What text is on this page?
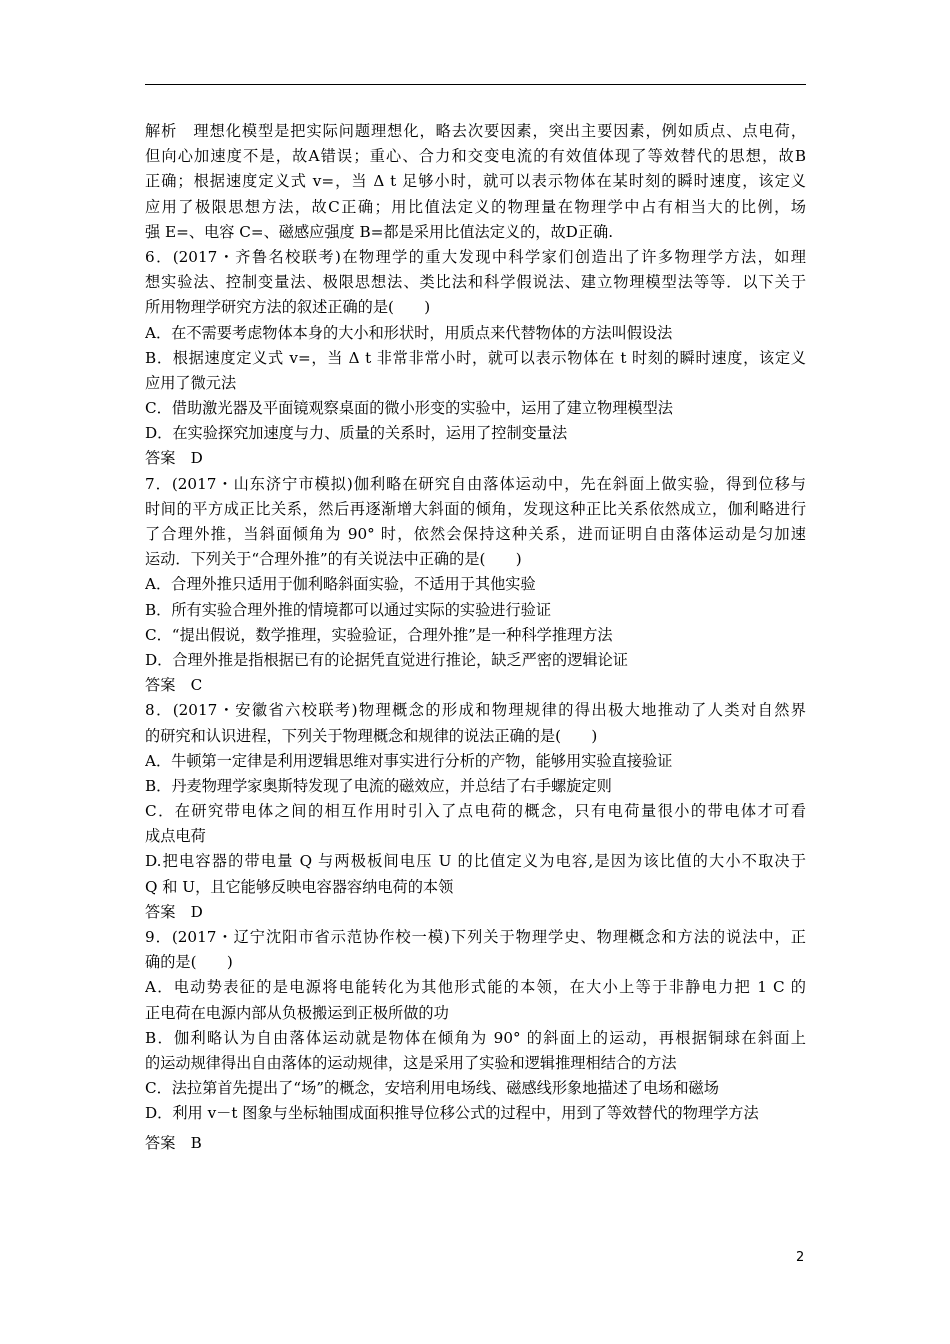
解析　理想化模型是把实际问题理想化，略去次要因素，突出主要因素，例如质点、点电荷，
但向心加速度不是，故A错误；重心、合力和交变电流的有效值体现了等效替代的思想，故B
正确；根据速度定义式 v=，当 Δ t 足够小时，就可以表示物体在某时刻的瞬时速度，该定义
应用了极限思想方法，故C正确；用比值法定义的物理量在物理学中占有相当大的比例，场
强 E=、电容 C=、磁感应强度 B=都是采用比值法定义的，故D正确.
6．(2017・齐鲁名校联考)在物理学的重大发现中科学家们创造出了许多物理学方法，如理
想实验法、控制变量法、极限思想法、类比法和科学假说法、建立物理模型法等等．以下关于
所用物理学研究方法的叙述正确的是(　　)
A．在不需要考虑物体本身的大小和形状时，用质点来代替物体的方法叫假设法
B．根据速度定义式 v=，当 Δ t 非常非常小时，就可以表示物体在 t 时刻的瞬时速度，该定义
应用了微元法
C．借助激光器及平面镜观察桌面的微小形变的实验中，运用了建立物理模型法
D．在实验探究加速度与力、质量的关系时，运用了控制变量法
答案　D
7．(2017・山东济宁市模拟)伽利略在研究自由落体运动中，先在斜面上做实验，得到位移与
时间的平方成正比关系，然后再逐渐增大斜面的倾角，发现这种正比关系依然成立，伽利略进行
了合理外推，当斜面倾角为 90° 时，依然会保持这种关系，进而证明自由落体运动是匀加速
运动．下列关于“合理外推”的有关说法中正确的是(　　)
A．合理外推只适用于伽利略斜面实验，不适用于其他实验
B．所有实验合理外推的情境都可以通过实际的实验进行验证
C．“提出假说，数学推理，实验验证，合理外推”是一种科学推理方法
D．合理外推是指根据已有的论据凭直觉进行推论，缺乏严密的逻辑论证
答案　C
8．(2017・安徽省六校联考)物理概念的形成和物理规律的得出极大地推动了人类对自然界
的研究和认识进程，下列关于物理概念和规律的说法正确的是(　　)
A．牛顿第一定律是利用逻辑思维对事实进行分析的产物，能够用实验直接验证
B．丹麦物理学家奥斯特发现了电流的磁效应，并总结了右手螺旋定则
C．在研究带电体之间的相互作用时引入了点电荷的概念，只有电荷量很小的带电体才可看
成点电荷
D.把电容器的带电量 Q 与两极板间电压 U 的比值定义为电容,是因为该比值的大小不取决于
Q 和 U，且它能够反映电容器容纳电荷的本领
答案　D
9．(2017・辽宁沈阳市省示范协作校一模)下列关于物理学史、物理概念和方法的说法中，正
确的是(　　)
A．电动势表征的是电源将电能转化为其他形式能的本领，在大小上等于非静电力把 1 C 的
正电荷在电源内部从负极搬运到正极所做的功
B．伽利略认为自由落体运动就是物体在倾角为 90° 的斜面上的运动，再根据铜球在斜面上
的运动规律得出自由落体的运动规律，这是采用了实验和逻辑推理相结合的方法
C．法拉第首先提出了“场”的概念，安培利用电场线、磁感线形象地描述了电场和磁场
D．利用 v－t 图象与坐标轴围成面积推导位移公式的过程中，用到了等效替代的物理学方法
答案　B
2
